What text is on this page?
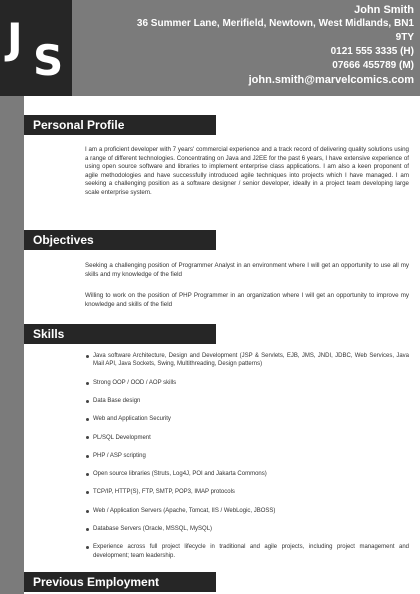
J S
John Smith
36 Summer Lane, Merifield, Newtown, West Midlands, BN1
9TY
0121 555 3335 (H)
07666 455789 (M)
john.smith@marvelcomics.com
Personal Profile

I am a proficient developer with 7 years' commercial experience and a track record of delivering quality solutions using a range of different technologies. Concentrating on Java and J2EE for the past 6 years, I have extensive experience of using open source software and libraries to implement enterprise class applications. I am also a keen proponent of agile methodologies and have successfully introduced agile techniques into projects which I have managed. I am seeking a challenging position as a software designer / senior developer, ideally in a project team developing large scale enterprise system.

Objectives

Seeking a challenging position of Programmer Analyst in an environment where I will get an opportunity to use all my skills and my knowledge of the field

Willing to work on the position of PHP Programmer in an organization where I will get an opportunity to improve my knowledge and skills of the field

Skills
Java software Architecture, Design and Development (JSP & Servlets, EJB, JMS, JNDI, JDBC, Web Services, Java Mail API, Java Sockets, Swing, Multithreading, Design patterns)
Strong OOP / OOD / AOP skills
Data Base design
Web and Application Security
PL/SQL Development
PHP / ASP scripting
Open source libraries (Struts, Log4J, POI and Jakarta Commons)
TCP/IP, HTTP(S), FTP, SMTP, POP3, IMAP protocols
Web / Application Servers (Apache, Tomcat, IIS / WebLogic, JBOSS)
Database Servers (Oracle, MSSQL, MySQL)
Experience across full project lifecycle in traditional and agile projects, including project management and development; team leadership.
Previous Employment
